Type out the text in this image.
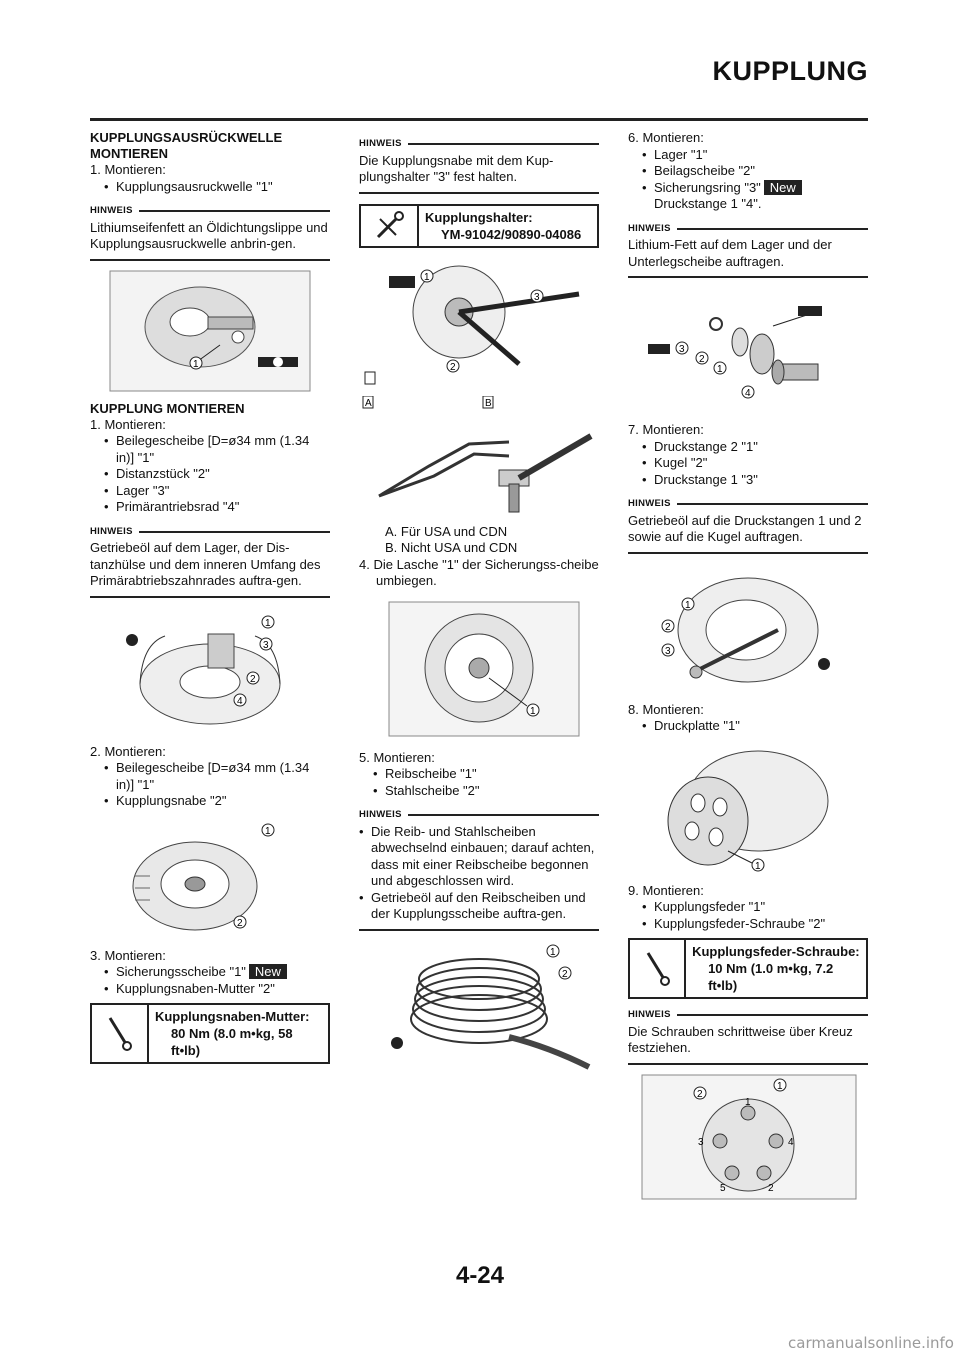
KUPPLUNG
KUPPLUNGSAUSRÜCKWELLE MONTIEREN
1. Montieren:
• Kupplungsausruckwelle "1"
HINWEIS
Lithiumseifenfett an Öldichtungslippe und Kupplungsausruckwelle anbrin-gen.
1
KUPPLUNG MONTIEREN
1. Montieren:
• Beilegescheibe [D=ø34 mm (1.34
in)] "1"
• Distanzstück "2"
• Lager "3"
• Primärantriebsrad "4"
HINWEIS
Getriebeöl auf dem Lager, der Dis-tanzhülse und dem inneren Umfang des Primärabtriebszahnrades auftra-gen.
1
3
2
4
2. Montieren:
• Beilegescheibe [D=ø34 mm (1.34
in)] "1"
• Kupplungsnabe "2"
1
2
3. Montieren:
• Sicherungsscheibe "1" New
• Kupplungsnaben-Mutter "2"
Kupplungsnaben-Mutter:
80 Nm (8.0 m•kg, 58 ft•lb)
HINWEIS
Die Kupplungsnabe mit dem Kup-plungshalter "3" fest halten.
Kupplungshalter:
YM-91042/90890-04086
1
3
2
A	B
A. Für USA und CDN
B. Nicht USA und CDN
4. Die Lasche "1" der Sicherungss-cheibe umbiegen.
1
5. Montieren:
• Reibscheibe "1"
• Stahlscheibe "2"
HINWEIS
• Die Reib- und Stahlscheiben abwechselnd einbauen; darauf achten, dass mit einer Reibscheibe begonnen und abgeschlossen wird.
• Getriebeöl auf den Reibscheiben und der Kupplungsscheibe auftra-gen.
1
2
6. Montieren:
• Lager "1"
• Beilagscheibe "2"
• Sicherungsring "3" New
Druckstange 1 "4".
HINWEIS
Lithium-Fett auf dem Lager und der Unterlegscheibe auftragen.
3
2
1
4
7. Montieren:
• Druckstange 2 "1"
• Kugel "2"
• Druckstange 1 "3"
HINWEIS
Getriebeöl auf die Druckstangen 1 und 2 sowie auf die Kugel auftragen.
1
2
3
8. Montieren:
• Druckplatte "1"
1
9. Montieren:
• Kupplungsfeder "1"
• Kupplungsfeder-Schraube "2"
Kupplungsfeder-Schraube:
10 Nm (1.0 m•kg, 7.2 ft•lb)
HINWEIS
Die Schrauben schrittweise über Kreuz festziehen.
1
3	4
5	2
2
1
4-24
carmanualsonline.info
